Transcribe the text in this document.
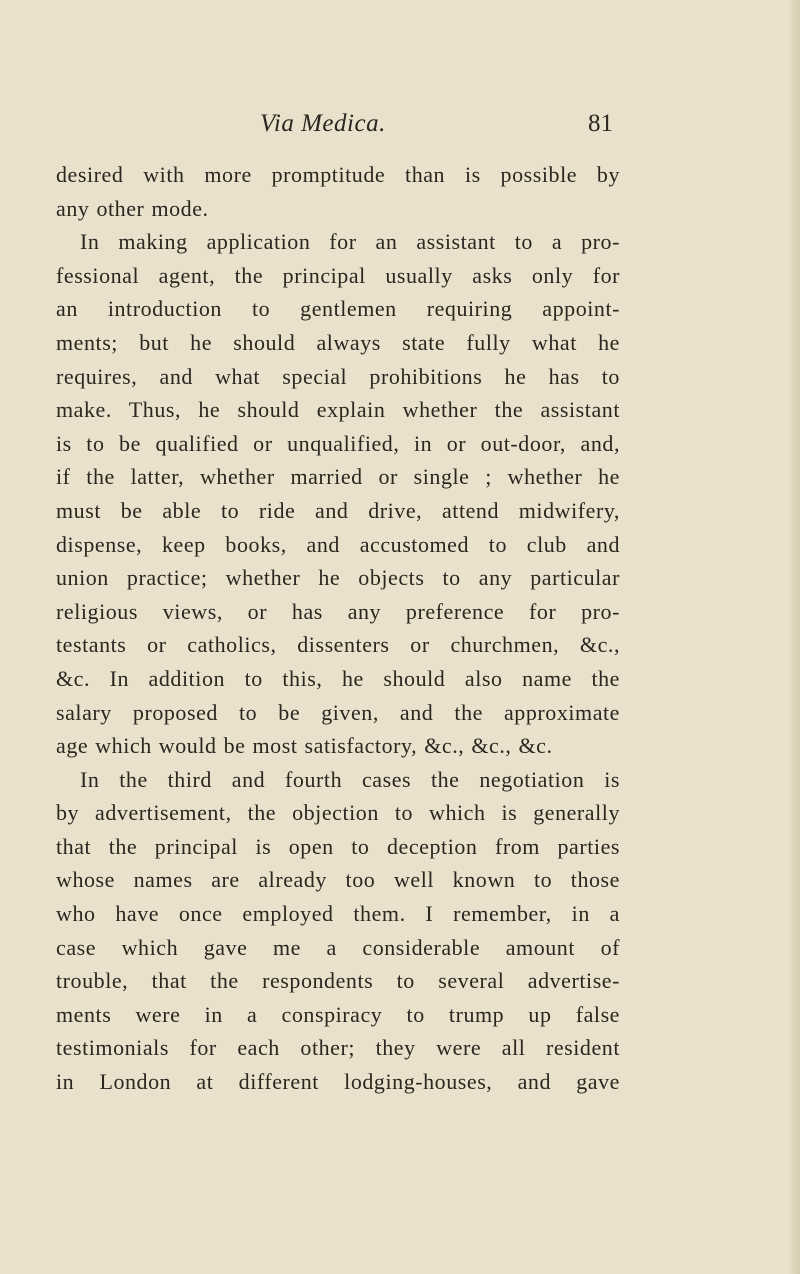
Via Medica.	81
desired with more promptitude than is possible by
any other mode.
In making application for an assistant to a pro-
fessional agent, the principal usually asks only for
an introduction to gentlemen requiring appoint-
ments; but he should always state fully what he
requires, and what special prohibitions he has to
make. Thus, he should explain whether the assistant
is to be qualified or unqualified, in or out-door, and,
if the latter, whether married or single ; whether he
must be able to ride and drive, attend midwifery,
dispense, keep books, and accustomed to club and
union practice; whether he objects to any particular
religious views, or has any preference for pro-
testants or catholics, dissenters or churchmen, &c.,
&c. In addition to this, he should also name the
salary proposed to be given, and the approximate
age which would be most satisfactory, &c., &c., &c.
In the third and fourth cases the negotiation is
by advertisement, the objection to which is generally
that the principal is open to deception from parties
whose names are already too well known to those
who have once employed them. I remember, in a
case which gave me a considerable amount of
trouble, that the respondents to several advertise-
ments were in a conspiracy to trump up false
testimonials for each other; they were all resident
in London at different lodging-houses, and gave
